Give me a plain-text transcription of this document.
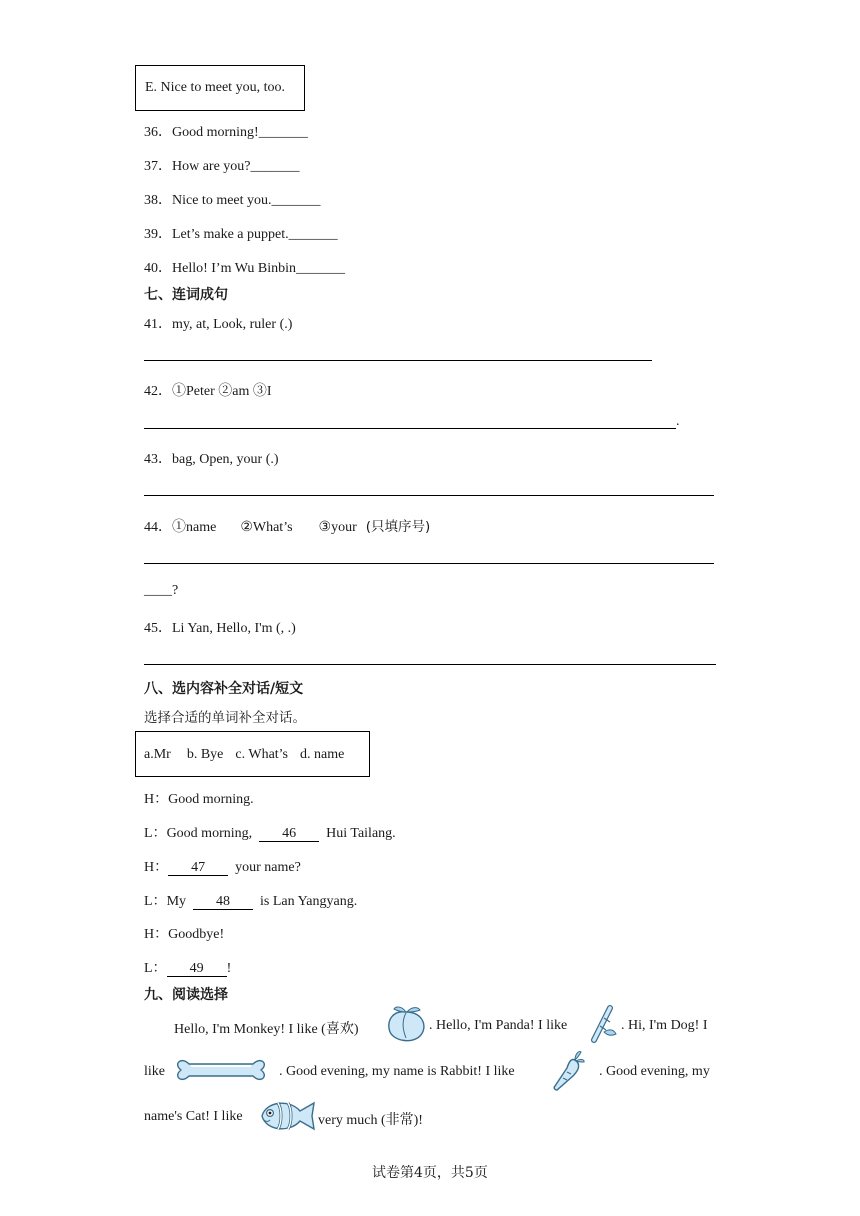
E. Nice to meet you, too.
36．Good morning!_______
37．How are you?_______
38．Nice to meet you._______
39．Let’s make a puppet._______
40．Hello! I’m Wu Binbin_______
七、连词成句
41．my, at, Look, ruler (.)
42．①Peter ②am ③I
.
43．bag, Open, your (.)
44．①name ②What’s ③your (只填序号)
____?
45．Li Yan, Hello, I'm (, .)
八、选内容补全对话/短文
选择合适的单词补全对话。
a.Mr b. Bye c. What’s d. name
H：Good morning.
L：Good morning, 46 Hui Tailang.
H： 47 your name?
L：My 48 is Lan Yangyang.
H：Goodbye!
L： 49 !
九、阅读选择
Hello, I'm Monkey! I like (喜欢)	. Hello, I'm Panda! I like	. Hi, I'm Dog! I
like	. Good evening, my name is Rabbit! I like	. Good evening, my
name's Cat! I like	very much (非常)!
试卷第4页，共5页
